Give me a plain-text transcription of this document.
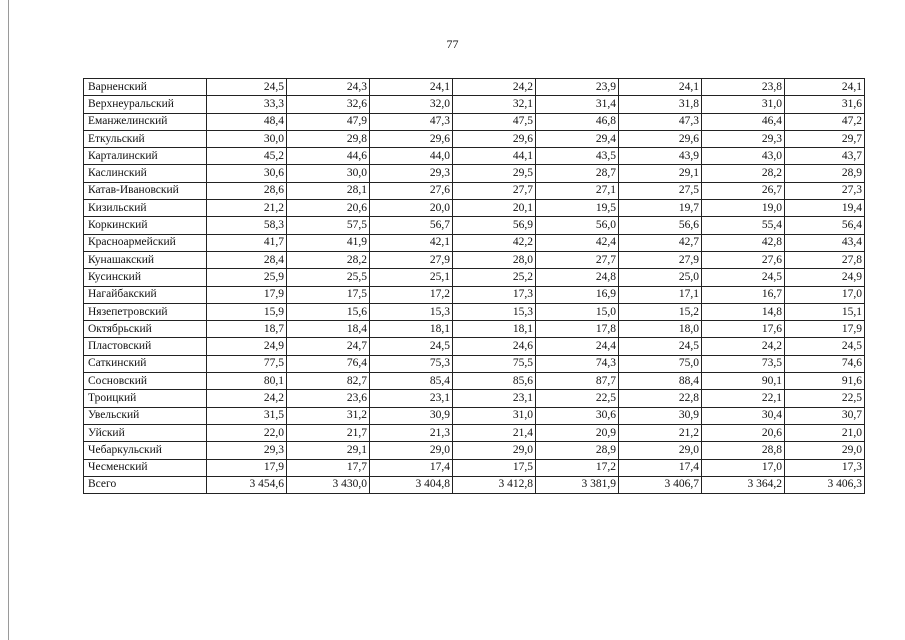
77
Варненский	24,5	24,3	24,1	24,2	23,9	24,1	23,8	24,1
Верхнеуральский	33,3	32,6	32,0	32,1	31,4	31,8	31,0	31,6
Еманжелинский	48,4	47,9	47,3	47,5	46,8	47,3	46,4	47,2
Еткульский	30,0	29,8	29,6	29,6	29,4	29,6	29,3	29,7
Карталинский	45,2	44,6	44,0	44,1	43,5	43,9	43,0	43,7
Каслинский	30,6	30,0	29,3	29,5	28,7	29,1	28,2	28,9
Катав-Ивановский	28,6	28,1	27,6	27,7	27,1	27,5	26,7	27,3
Кизильский	21,2	20,6	20,0	20,1	19,5	19,7	19,0	19,4
Коркинский	58,3	57,5	56,7	56,9	56,0	56,6	55,4	56,4
Красноармейский	41,7	41,9	42,1	42,2	42,4	42,7	42,8	43,4
Кунашакский	28,4	28,2	27,9	28,0	27,7	27,9	27,6	27,8
Кусинский	25,9	25,5	25,1	25,2	24,8	25,0	24,5	24,9
Нагайбакский	17,9	17,5	17,2	17,3	16,9	17,1	16,7	17,0
Нязепетровский	15,9	15,6	15,3	15,3	15,0	15,2	14,8	15,1
Октябрьский	18,7	18,4	18,1	18,1	17,8	18,0	17,6	17,9
Пластовский	24,9	24,7	24,5	24,6	24,4	24,5	24,2	24,5
Саткинский	77,5	76,4	75,3	75,5	74,3	75,0	73,5	74,6
Сосновский	80,1	82,7	85,4	85,6	87,7	88,4	90,1	91,6
Троицкий	24,2	23,6	23,1	23,1	22,5	22,8	22,1	22,5
Увельский	31,5	31,2	30,9	31,0	30,6	30,9	30,4	30,7
Уйский	22,0	21,7	21,3	21,4	20,9	21,2	20,6	21,0
Чебаркульский	29,3	29,1	29,0	29,0	28,9	29,0	28,8	29,0
Чесменский	17,9	17,7	17,4	17,5	17,2	17,4	17,0	17,3
Всего	3 454,6	3 430,0	3 404,8	3 412,8	3 381,9	3 406,7	3 364,2	3 406,3
